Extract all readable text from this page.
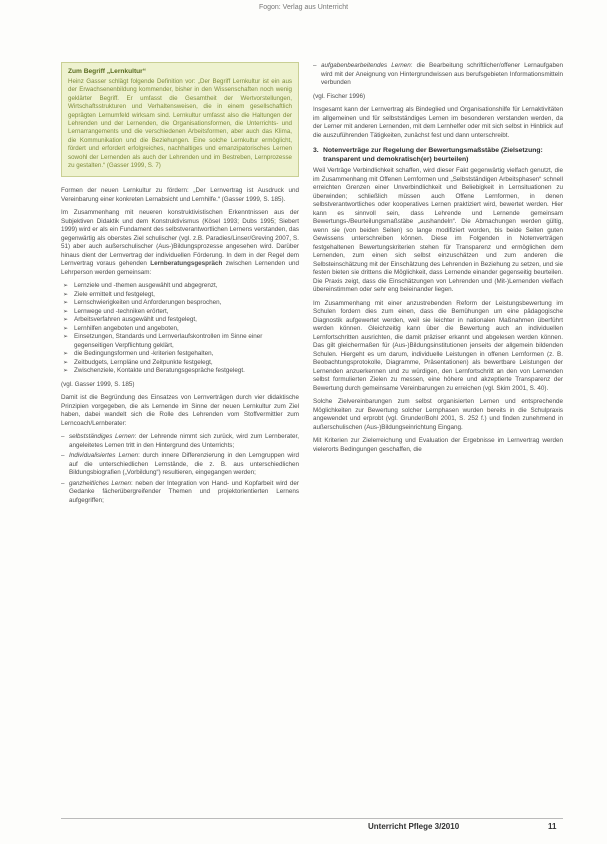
Fogon: Verlag aus Unterricht
Zum Begriff „Lernkultur“

Heinz Gasser schlägt folgende Definition vor: „Der Begriff Lernkultur ist ein aus der Erwachsenenbildung kommender, bisher in den Wissenschaften noch wenig geklärter Begriff. Er umfasst die Gesamtheit der Wertvorstellungen, Wirtschaftsstrukturen und Verhaltensweisen, die in einem gesellschaftlich geprägten Lernumfeld wirksam sind. Lernkultur umfasst also die Haltungen der Lehrenden und der Lernenden, die Organisationsformen, die Unterrichts- und Lernarrangements und die verschiedenen Arbeitsformen, aber auch das Klima, die Kommunikation und die Beziehungen. Eine solche Lernkultur ermöglicht, fördert und erfordert erfolgreiches, nachhaltiges und emanzipatorisches Lernen sowohl der Lernenden als auch der Lehrenden und im Bestreben, Lernprozesse zu gestalten.“ (Gasser 1999, S. 7)

Formen der neuen Lernkultur zu fördern: „Der Lernvertrag ist Ausdruck und Vereinbarung einer konkreten Lernabsicht und Lernhilfe.“ (Gasser 1999, S. 185).

Im Zusammenhang mit neueren konstruktivistischen Erkenntnissen aus der Subjektiven Didaktik und dem Konstruktivismus (Kösel 1993; Dubs 1995; Siebert 1999) wird er als ein Fundament des selbstverantwortlichen Lernens verstanden, das gegenwärtig als oberstes Ziel schulischer (vgl. z.B. Paradies/Linser/Greving 2007, S. 51) aber auch außerschulischer (Aus-)Bildungsprozesse angesehen wird. Darüber hinaus dient der Lernvertrag der individuellen Förderung. In dem in der Regel dem Lernvertrag voraus gehenden Lernberatungsgespräch zwischen Lernenden und Lehrperson werden gemeinsam:

➢ Lernziele und -themen ausgewählt und abgegrenzt,
➢ Ziele ermittelt und festgelegt,
➢ Lernschwierigkeiten und Anforderungen besprochen,
➢ Lernwege und -techniken erörtert,
➢ Arbeitsverfahren ausgewählt und festgelegt,
➢ Lernhilfen angeboten und angeboten,
➢ Einsetzungen, Standards und Lernverlaufskontrollen im Sinne einer gegenseitigen Verpflichtung geklärt,
➢ die Bedingungsformen und -kriterien festgehalten,
➢ Zeitbudgets, Lernpläne und Zeitpunkte festgelegt,
➢ Zwischenziele, Kontakte und Beratungsgespräche festgelegt.

(vgl. Gasser 1999, S. 185)

Damit ist die Begründung des Einsatzes von Lernverträgen durch vier didaktische Prinzipien vorgegeben, die als Lernende im Sinne der neuen Lernkultur zum Ziel haben, dabei wandelt sich die Rolle des Lehrenden vom Stoffvermittler zum Lerncoach/Lernberater:

– selbstständiges Lernen: der Lehrende nimmt sich zurück, wird zum Lernberater, angeleitetes Lernen tritt in den Hintergrund des Unterrichts;
– Individualisiertes Lernen: durch innere Differenzierung in den Lerngruppen wird auf die unterschiedlichen Lernstände, die z. B. aus unterschiedlichen Bildungsbiografien („Vorbildung“) resultieren, eingegangen werden;
– ganzheitliches Lernen: neben der Integration von Hand- und Kopfarbeit wird der Gedanke fächerübergreifender Themen und projektorientierten Lernens aufgegriffen;
– aufgabenbearbeitendes Lernen: die Bearbeitung schriftlicher/offener Lernaufgaben wird mit der Aneignung von Hintergrundwissen aus berufsgebieten Informationsmitteln verbunden

(vgl. Fischer 1996)

Insgesamt kann der Lernvertrag als Bindeglied und Organisationshilfe für Lernaktivitäten im allgemeinen und für selbstständiges Lernen im besonderen verstanden werden, da der Lerner mit anderen Lernenden, mit dem Lernhelfer oder mit sich selbst in Hinblick auf die auszuführenden Tätigkeiten, zunächst fest und dann unterschreibt.

3. Notenverträge zur Regelung der Bewertungsmaßstäbe (Zielsetzung: transparent und demokratisch(er) beurteilen)

Weil Verträge Verbindlichkeit schaffen, wird dieser Fakt gegenwärtig vielfach genutzt, die im Zusammenhang mit Offenen Lernformen und „Selbstständigen Arbeitsphasen“ schnell erreichten Grenzen einer Unverbindlichkeit und Beliebigkeit in Lernsituationen zu überwinden; schließlich müssen auch Offene Lernformen, in denen selbstverantwortliches oder kooperatives Lernen praktiziert wird, bewertet werden. Hier kann es sinnvoll sein, dass Lehrende und Lernende gemeinsam Bewertungs-/Beurteilungsmaßstäbe „aushandeln“. Die Abmachungen werden gültig, wenn sie (von beiden Seiten) so lange modifiziert worden, bis beide Seiten guten Gewissens unterschreiben können. Diese im Folgenden in Notenverträgen festgehaltenen Bewertungskriterien stehen für Transparenz und ermöglichen dem Lernenden, zum einen sich selbst einzuschätzen und zum anderen die Selbsteinschätzung mit der Einschätzung des Lehrenden in Beziehung zu setzen, und sie festen bieten sie drittens die Möglichkeit, dass Lernende einander gegenseitig beurteilen. Die Praxis zeigt, dass die Einschätzungen von Lehrenden und (Mit-)Lernenden vielfach übereinstimmen oder sehr eng beieinander liegen.

Im Zusammenhang mit einer anzustrebenden Reform der Leistungsbewertung im Schulen fordern dies zum einen, dass die Bemühungen um eine pädagogische Diagnostik aufgewertet werden, weil sie leichter in nationalen Maßnahmen überführt werden können. Gleichzeitig kann über die Bewertung auch an individuellen Lernfortschritten ausrichten, die damit präziser erkannt und abgelesen werden können. Das gilt gleichermaßen für (Aus-)Bildungsinstitutionen jenseits der allgemein bildenden Schulen. Hiergeht es um darum, individuelle Leistungen in offenen Lernformen (z. B. Beobachtungsprotokolle, Diagramme, Präsentationen) als bewertbare Leistungen der Lernenden anzuerkennen und zu würdigen, den Lernfortschritt an den von Lernenden selbst formulierten Zielen zu messen, eine höhere und akzeptierte Transparenz der Bewertung durch gemeinsame Vereinbarungen zu erreichen (vgl. Skim 2001, S. 40).

Solche Zielvereinbarungen zum selbst organisierten Lernen und entsprechende Möglichkeiten zur Bewertung solcher Lernphasen wurden bereits in die Schulpraxis angewendet und erprobt (vgl. Grunder/Bohl 2001, S. 252 f.) und finden zunehmend in außerschulischen (Aus-)Bildungseinrichtung Eingang.

Mit Kriterien zur Zielerreichung und Evaluation der Ergebnisse im Lernvertrag werden vielerorts Bedingungen geschaffen, die

Unterricht Pflege 3/2010	11
